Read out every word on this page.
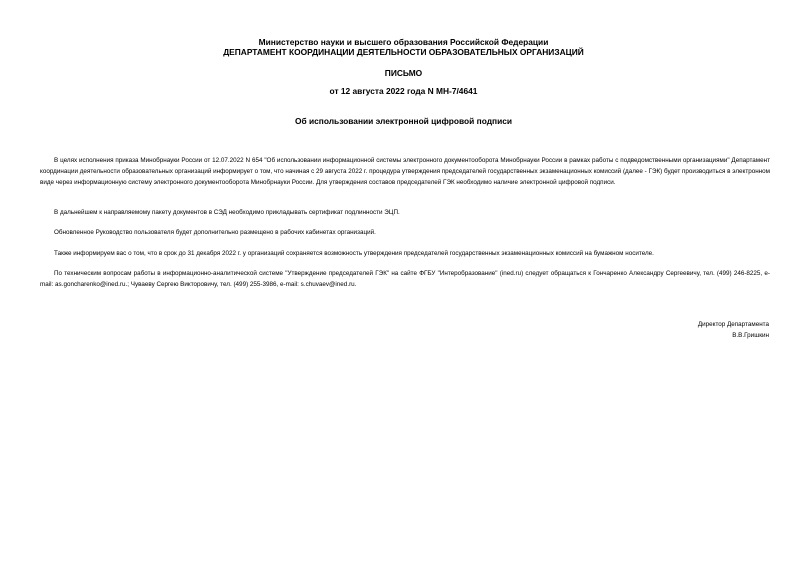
Министерство науки и высшего образования Российской Федерации
ДЕПАРТАМЕНТ КООРДИНАЦИИ ДЕЯТЕЛЬНОСТИ ОБРАЗОВАТЕЛЬНЫХ ОРГАНИЗАЦИЙ
ПИСЬМО
от 12 августа 2022 года N МН-7/4641
Об использовании электронной цифровой подписи

В целях исполнения приказа Минобрнауки России от 12.07.2022 N 654 "Об использовании информационной системы электронного документооборота Минобрнауки России в рамках работы с подведомственными организациями" Департамент координации деятельности образовательных организаций информирует о том, что начиная с 29 августа 2022 г. процедура утверждения председателей государственных экзаменационных комиссий (далее - ГЭК) будет производиться в электронном виде через информационную систему электронного документооборота Минобрнауки России. Для утверждения составов председателей ГЭК необходимо наличие электронной цифровой подписи.

В дальнейшем к направляемому пакету документов в СЭД необходимо прикладывать сертификат подлинности ЭЦП.

Обновленное Руководство пользователя будет дополнительно размещено в рабочих кабинетах организаций.

Также информируем вас о том, что в срок до 31 декабря 2022 г. у организаций сохраняется возможность утверждения председателей государственных экзаменационных комиссий на бумажном носителе.

По техническим вопросам работы в информационно-аналитической системе "Утверждение председателей ГЭК" на сайте ФГБУ "Интеробразование" (ined.ru) следует обращаться к Гончаренко Александру Сергеевичу, тел. (499) 246-8225, e-mail: as.goncharenko@ined.ru.; Чуваеву Сергею Викторовичу, тел. (499) 255-3986, e-mail: s.chuvaev@ined.ru.

Директор Департамента
В.В.Гришкин
